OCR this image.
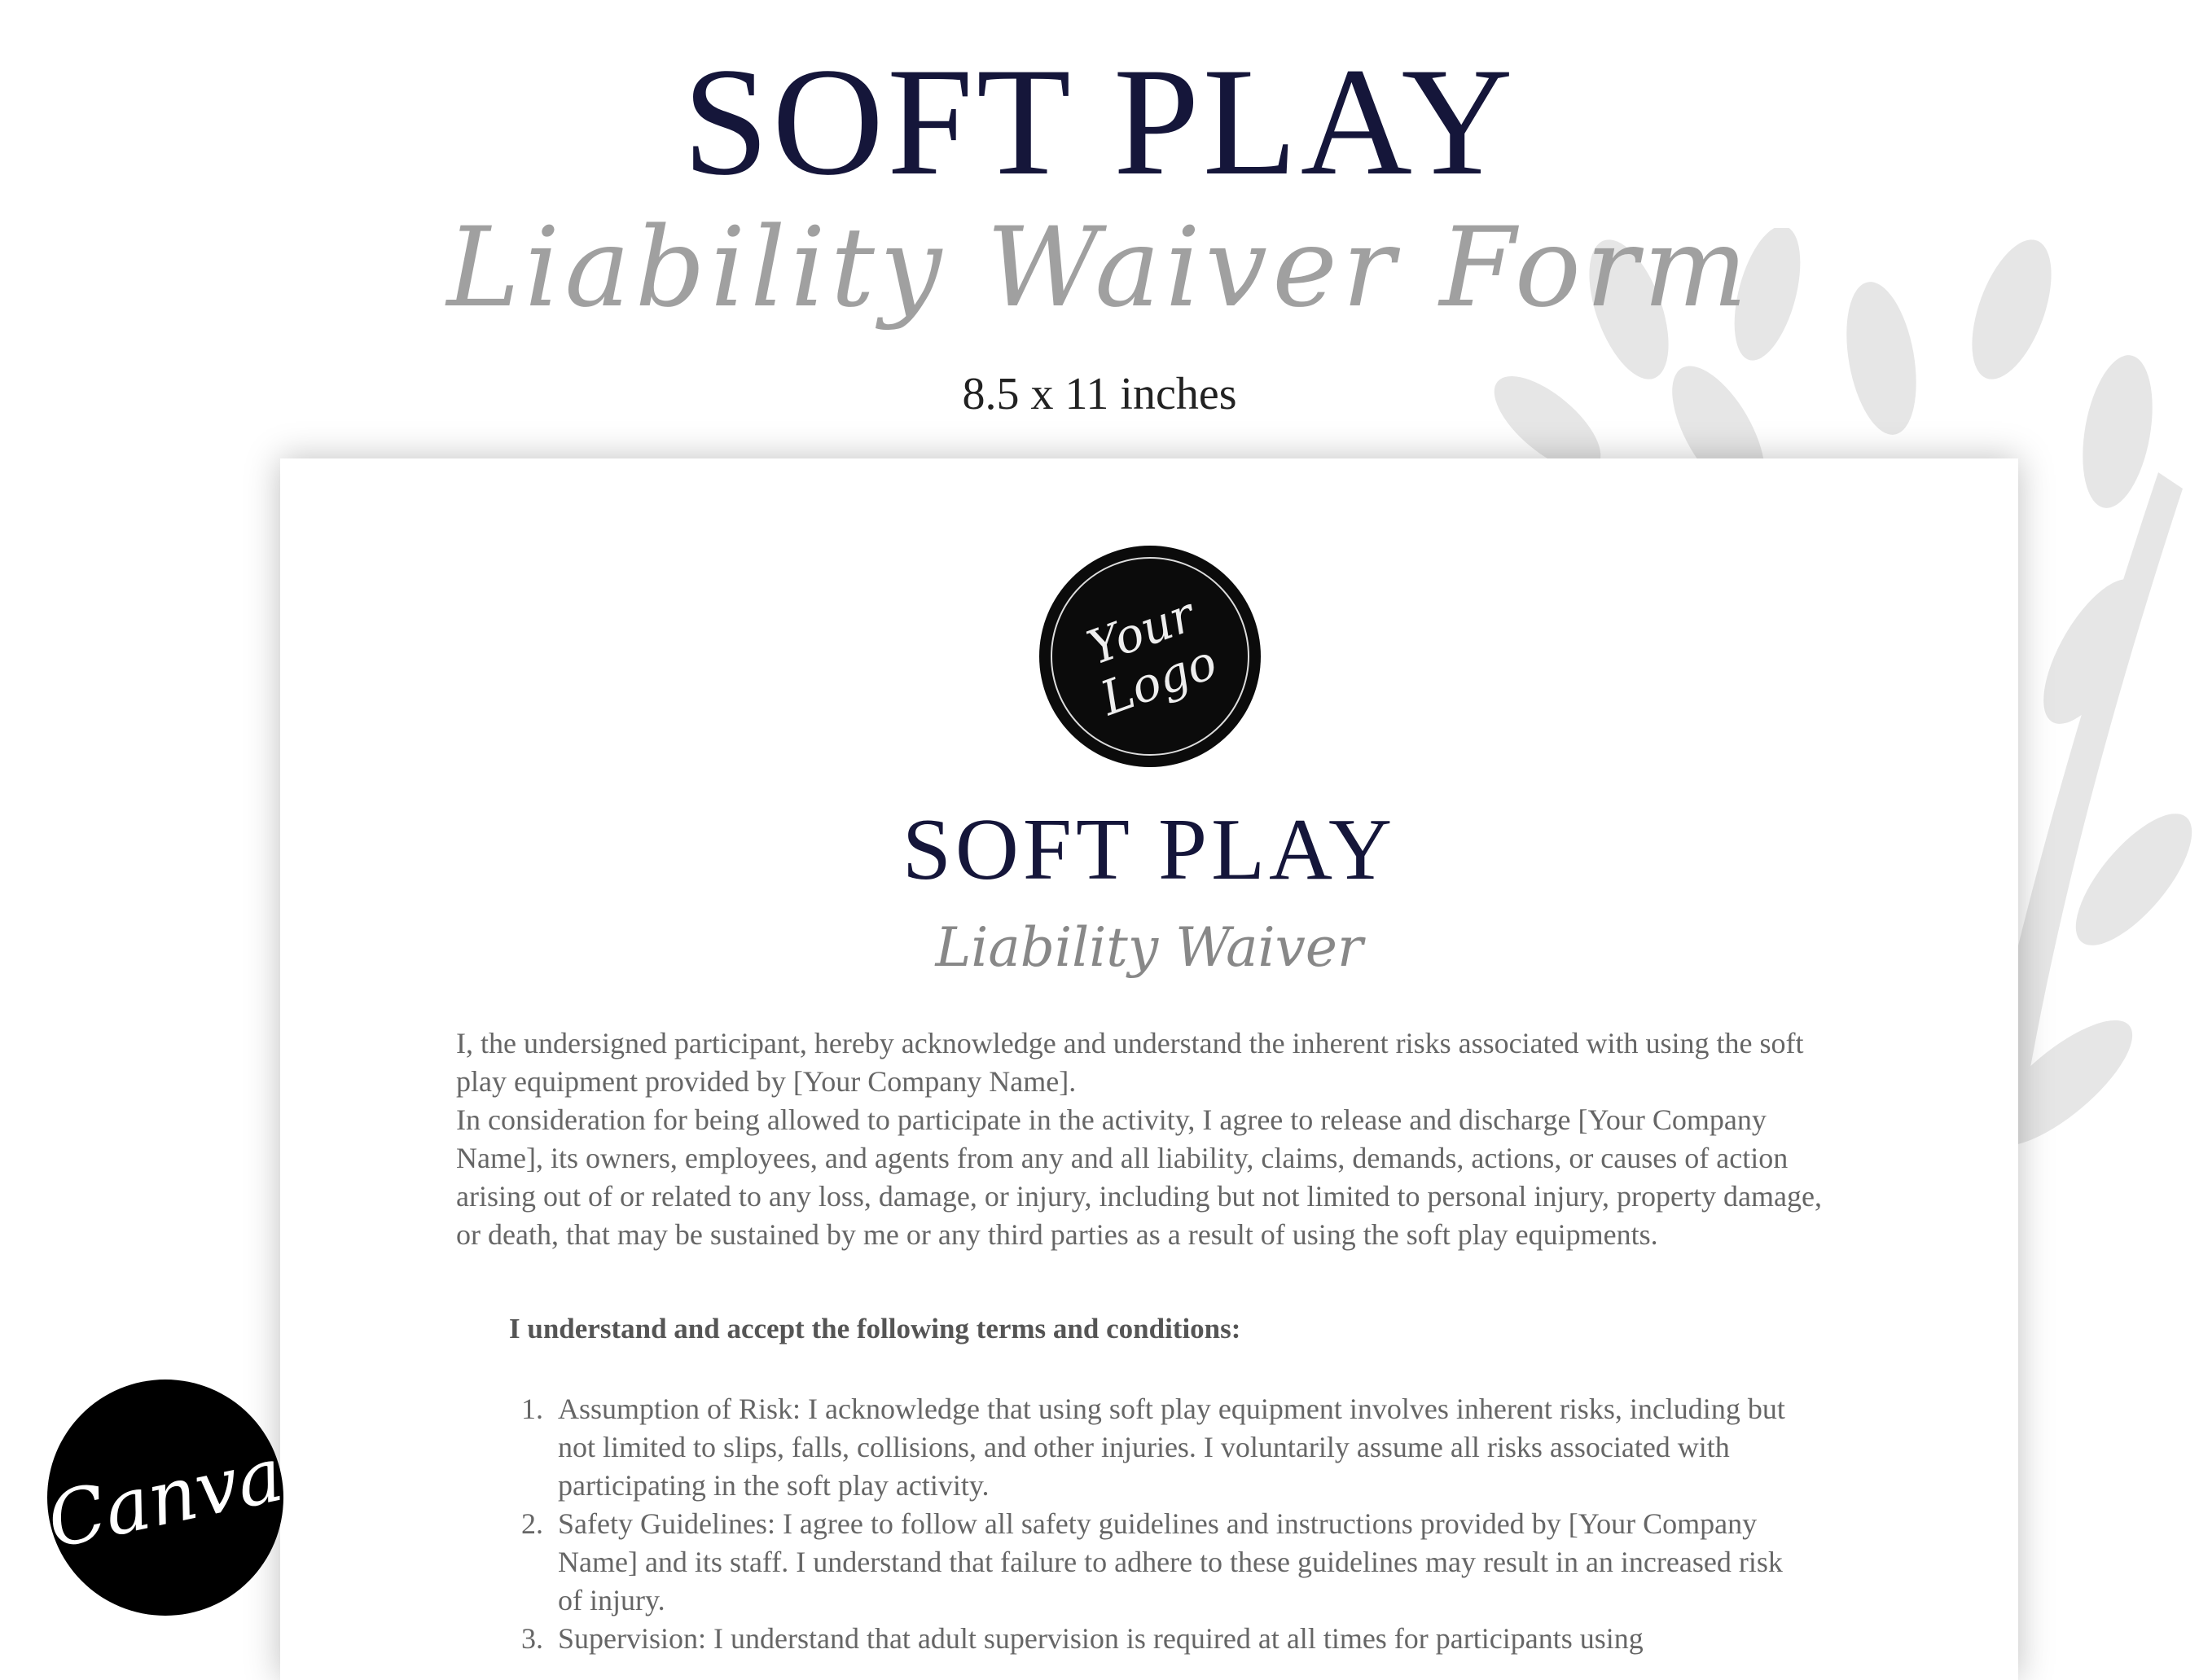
SOFT PLAY
Liability Waiver Form
8.5 x 11 inches
Your Logo
SOFT PLAY
Liability Waiver
I, the undersigned participant, hereby acknowledge and understand the inherent risks associated with using the soft play equipment provided by [Your Company Name].
In consideration for being allowed to participate in the activity, I agree to release and discharge [Your Company Name], its owners, employees, and agents from any and all liability, claims, demands, actions, or causes of action arising out of or related to any loss, damage, or injury, including but not limited to personal injury, property damage, or death, that may be sustained by me or any third parties as a result of using the soft play equipments.
I understand and accept the following terms and conditions:
1. Assumption of Risk: I acknowledge that using soft play equipment involves inherent risks, including but not limited to slips, falls, collisions, and other injuries. I voluntarily assume all risks associated with participating in the soft play activity.
2. Safety Guidelines: I agree to follow all safety guidelines and instructions provided by [Your Company Name] and its staff. I understand that failure to adhere to these guidelines may result in an increased risk of injury.
3. Supervision: I understand that adult supervision is required at all times for participants using
Canva
